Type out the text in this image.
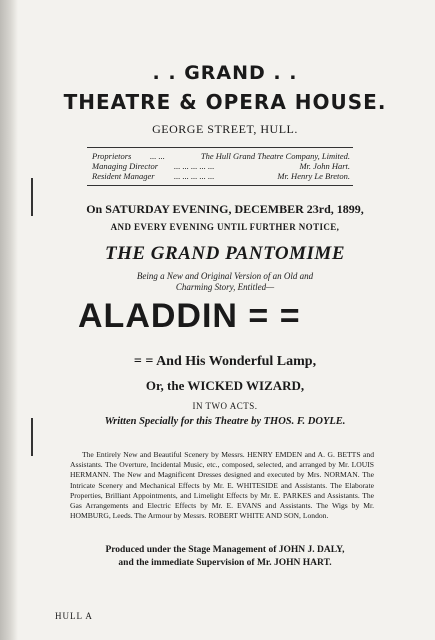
. . GRAND . .
THEATRE & OPERA HOUSE.
GEORGE STREET, HULL.
Proprietors ... ...	The Hull Grand Theatre Company, Limited.
Managing Director ... ... ... ... ...	Mr. John Hart.
Resident Manager ... ... ... ... ...	Mr. Henry Le Breton.
On SATURDAY EVENING, DECEMBER 23rd, 1899,
AND EVERY EVENING UNTIL FURTHER NOTICE,
THE GRAND PANTOMIME
Being a New and Original Version of an Old and
Charming Story, Entitled—
ALADDIN = =
= = And His Wonderful Lamp,
Or, the WICKED WIZARD,
IN TWO ACTS.
Written Specially for this Theatre by THOS. F. DOYLE.
The Entirely New and Beautiful Scenery by Messrs. HENRY EMDEN and A. G. BETTS and Assistants. The Overture, Incidental Music, etc., composed, selected, and arranged by Mr. LOUIS HERMANN. The New and Magnificent Dresses designed and executed by Mrs. NORMAN. The Intricate Scenery and Mechanical Effects by Mr. E. WHITESIDE and Assistants. The Elaborate Properties, Brilliant Appointments, and Limelight Effects by Mr. E. PARKES and Assistants. The Gas Arrangements and Electric Effects by Mr. E. EVANS and Assistants. The Wigs by Mr. HOMBURG, Leeds. The Armour by Messrs. ROBERT WHITE AND SON, London.
Produced under the Stage Management of JOHN J. DALY,
and the immediate Supervision of Mr. JOHN HART.
HULL A
